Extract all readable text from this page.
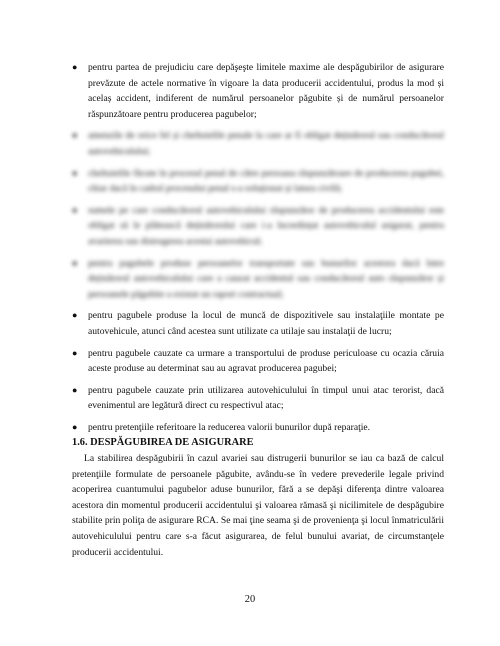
● pentru partea de prejudiciu care depăşeşte limitele maxime ale despăgubirilor de asigurare prevăzute de actele normative în vigoare la data producerii accidentului, produs la mod și acelaș accident, indiferent de numărul persoanelor păgubite și de numărul persoanelor răspunzătoare pentru producerea pagubelor;
● amenzile de orice fel și cheltuielile penale la care ar fi obligat deținătorul sau conducătorul autovehiculului;
● cheltuielile făcute în procesul penal de către persoana răspunzătoare de producerea pagubei, chiar dacă în cadrul procesului penal s-a soluționat și latura civilă;
● sumele pe care conducătorul autovehiculului răspunzător de producerea accidentului este obligat să le plătească deținătorului care i-a încredințat autovehiculul asigurat, pentru avarierea sau distrugerea acestui autovehicul;
● pentru pagubele produse persoanelor transportate sau bunurilor acestora dacă între deținătorul autovehiculului care a cauzat accidentul sau conducătorul auto răspunzător și persoanele păgubite a existat un raport contractual;
● pentru pagubele produse la locul de muncă de dispozitivele sau instalaţiile montate pe autovehicule, atunci când acestea sunt utilizate ca utilaje sau instalaţii de lucru;
● pentru pagubele cauzate ca urmare a transportului de produse periculoase cu ocazia căruia aceste produse au determinat sau au agravat producerea pagubei;
● pentru pagubele cauzate prin utilizarea autovehiculului în timpul unui atac terorist, dacă evenimentul are legătură direct cu respectivul atac;
● pentru pretenţiile referitoare la reducerea valorii bunurilor după reparaţie.
1.6. DESPĂGUBIREA DE ASIGURARE

La stabilirea despăgubirii în cazul avariei sau distrugerii bunurilor se iau ca bază de calcul pretenţiile formulate de persoanele păgubite, avându-se în vedere prevederile legale privind acoperirea cuantumului pagubelor aduse bunurilor, fără a se depăşi diferenţa dintre valoarea acestora din momentul producerii accidentului şi valoarea rămasă şi nicilimitele de despăgubire stabilite prin poliţa de asigurare RCA. Se mai ţine seama şi de provenienţa şi locul înmatriculării autovehiculului pentru care s-a făcut asigurarea, de felul bunului avariat, de circumstanţele producerii accidentului.

20
